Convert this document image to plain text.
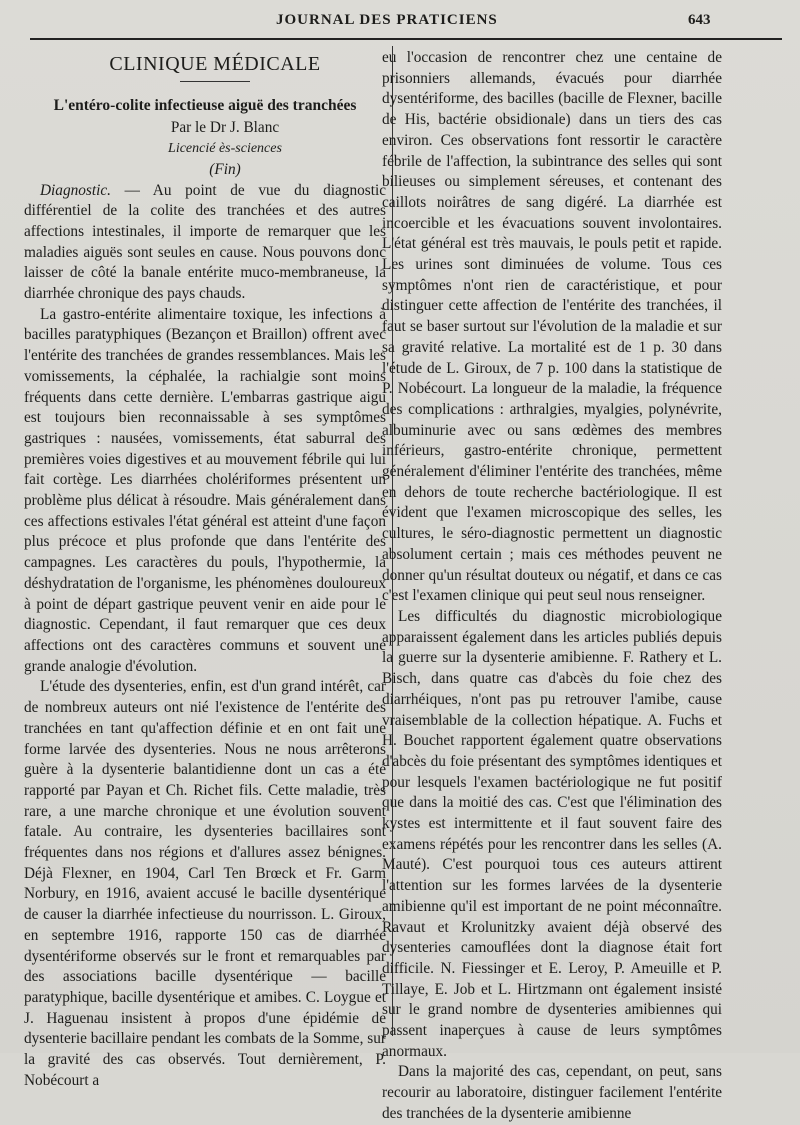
JOURNAL DES PRATICIENS	643
CLINIQUE MÉDICALE
L'entéro-colite infectieuse aiguë des tranchées

Par le Dr J. Blanc

Licencié ès-sciences

(Fin)

Diagnostic. — Au point de vue du diagnostic différentiel de la colite des tranchées et des autres affections intestinales, il importe de remarquer que les maladies aiguës sont seules en cause. Nous pouvons donc laisser de côté la banale entérite muco-membraneuse, la diarrhée chronique des pays chauds.

La gastro-entérite alimentaire toxique, les infections à bacilles paratyphiques (Bezançon et Braillon) offrent avec l'entérite des tranchées de grandes ressemblances. Mais les vomissements, la céphalée, la rachialgie sont moins fréquents dans cette dernière. L'embarras gastrique aigu est toujours bien reconnaissable à ses symptômes gastriques : nausées, vomissements, état saburral des premières voies digestives et au mouvement fébrile qui lui fait cortège. Les diarrhées cholériformes présentent un problème plus délicat à résoudre. Mais généralement dans ces affections estivales l'état général est atteint d'une façon plus précoce et plus profonde que dans l'entérite des campagnes. Les caractères du pouls, l'hypothermie, la déshydratation de l'organisme, les phénomènes douloureux à point de départ gastrique peuvent venir en aide pour le diagnostic. Cependant, il faut remarquer que ces deux affections ont des caractères communs et souvent une grande analogie d'évolution.

L'étude des dysenteries, enfin, est d'un grand intérêt, car de nombreux auteurs ont nié l'existence de l'entérite des tranchées en tant qu'affection définie et en ont fait une forme larvée des dysenteries. Nous ne nous arrêterons guère à la dysenterie balantidienne dont un cas a été rapporté par Payan et Ch. Richet fils. Cette maladie, très rare, a une marche chronique et une évolution souvent fatale. Au contraire, les dysenteries bacillaires sont fréquentes dans nos régions et d'allures assez bénignes. Déjà Flexner, en 1904, Carl Ten Brœck et Fr. Garm Norbury, en 1916, avaient accusé le bacille dysentérique de causer la diarrhée infectieuse du nourrisson. L. Giroux, en septembre 1916, rapporte 150 cas de diarrhée dysentériforme observés sur le front et remarquables par des associations bacille dysentérique — bacille paratyphique, bacille dysentérique et amibes. C. Loygue et J. Haguenau insistent à propos d'une épidémie de dysenterie bacillaire pendant les combats de la Somme, sur la gravité des cas observés. Tout dernièrement, P. Nobécourt a

eu l'occasion de rencontrer chez une centaine de prisonniers allemands, évacués pour diarrhée dysentériforme, des bacilles (bacille de Flexner, bacille de His, bactérie obsidionale) dans un tiers des cas environ. Ces observations font ressortir le caractère fébrile de l'affection, la subintrance des selles qui sont bilieuses ou simplement séreuses, et contenant des caillots noirâtres de sang digéré. La diarrhée est incoercible et les évacuations souvent involontaires. L'état général est très mauvais, le pouls petit et rapide. Les urines sont diminuées de volume. Tous ces symptômes n'ont rien de caractéristique, et pour distinguer cette affection de l'entérite des tranchées, il faut se baser surtout sur l'évolution de la maladie et sur sa gravité relative. La mortalité est de 1 p. 30 dans l'étude de L. Giroux, de 7 p. 100 dans la statistique de P. Nobécourt. La longueur de la maladie, la fréquence des complications : arthralgies, myalgies, polynévrite, albuminurie avec ou sans œdèmes des membres inférieurs, gastro-entérite chronique, permettent généralement d'éliminer l'entérite des tranchées, même en dehors de toute recherche bactériologique. Il est évident que l'examen microscopique des selles, les cultures, le séro-diagnostic permettent un diagnostic absolument certain ; mais ces méthodes peuvent ne donner qu'un résultat douteux ou négatif, et dans ce cas c'est l'examen clinique qui peut seul nous renseigner.

Les difficultés du diagnostic microbiologique apparaissent également dans les articles publiés depuis la guerre sur la dysenterie amibienne. F. Rathery et L. Bisch, dans quatre cas d'abcès du foie chez des diarrhéiques, n'ont pas pu retrouver l'amibe, cause vraisemblable de la collection hépatique. A. Fuchs et H. Bouchet rapportent également quatre observations d'abcès du foie présentant des symptômes identiques et pour lesquels l'examen bactériologique ne fut positif que dans la moitié des cas. C'est que l'élimination des kystes est intermittente et il faut souvent faire des examens répétés pour les rencontrer dans les selles (A. Mauté). C'est pourquoi tous ces auteurs attirent l'attention sur les formes larvées de la dysenterie amibienne qu'il est important de ne point méconnaître. Ravaut et Krolunitzky avaient déjà observé des dysenteries camouflées dont la diagnose était fort difficile. N. Fiessinger et E. Leroy, P. Ameuille et P. Tillaye, E. Job et L. Hirtzmann ont également insisté sur le grand nombre de dysenteries amibiennes qui passent inaperçues à cause de leurs symptômes anormaux.

Dans la majorité des cas, cependant, on peut, sans recourir au laboratoire, distinguer facilement l'entérite des tranchées de la dysenterie amibienne
